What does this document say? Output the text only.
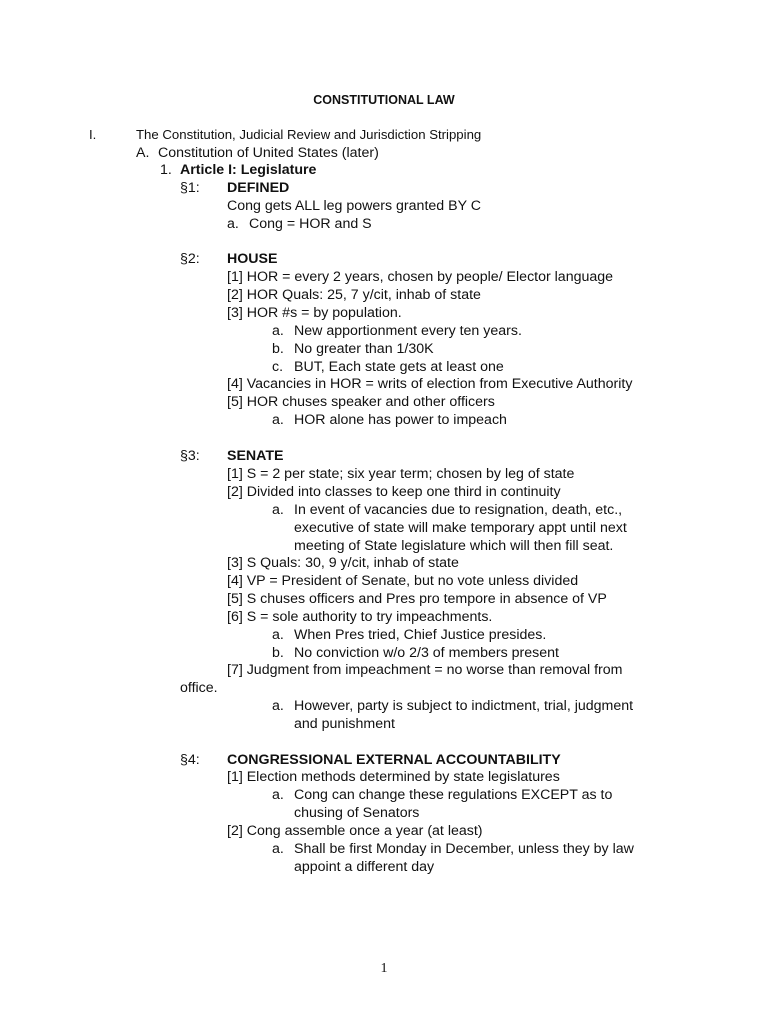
CONSTITUTIONAL LAW
I.	The Constitution, Judicial Review and Jurisdiction Stripping
A. Constitution of United States (later)
1. Article I: Legislature
§1: DEFINED
Cong gets ALL leg powers granted BY C
a. Cong = HOR and S
§2: HOUSE
[1] HOR = every 2 years, chosen by people/ Elector language
[2] HOR Quals: 25, 7 y/cit, inhab of state
[3] HOR #s = by population.
a. New apportionment every ten years.
b. No greater than 1/30K
c. BUT, Each state gets at least one
[4] Vacancies in HOR = writs of election from Executive Authority
[5] HOR chuses speaker and other officers
a. HOR alone has power to impeach
§3: SENATE
[1] S = 2 per state; six year term; chosen by leg of state
[2] Divided into classes to keep one third in continuity
a. In event of vacancies due to resignation, death, etc.,
executive of state will make temporary appt until next
meeting of State legislature which will then fill seat.
[3] S Quals: 30, 9 y/cit, inhab of state
[4] VP = President of Senate, but no vote unless divided
[5] S chuses officers and Pres pro tempore in absence of VP
[6] S = sole authority to try impeachments.
a. When Pres tried, Chief Justice presides.
b. No conviction w/o 2/3 of members present
[7] Judgment from impeachment = no worse than removal from
office.
a. However, party is subject to indictment, trial, judgment
and punishment
§4: CONGRESSIONAL EXTERNAL ACCOUNTABILITY
[1] Election methods determined by state legislatures
a. Cong can change these regulations EXCEPT as to
chusing of Senators
[2] Cong assemble once a year (at least)
a. Shall be first Monday in December, unless they by law
appoint a different day
1
